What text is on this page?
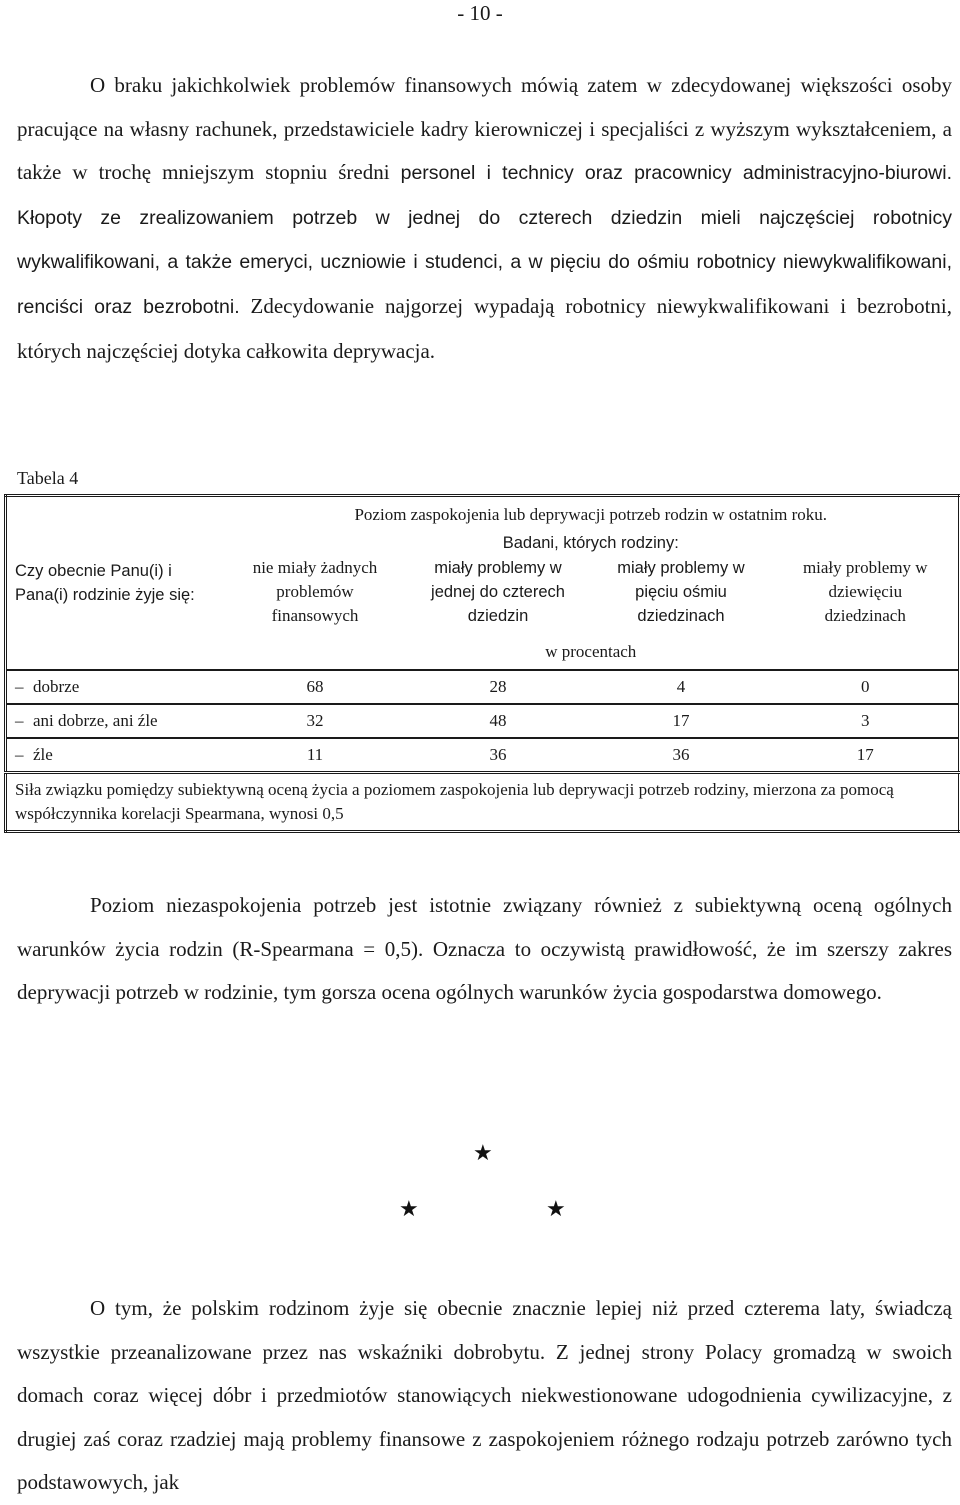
- 10 -

O braku jakichkolwiek problemów finansowych mówią zatem w zdecydowanej większości osoby pracujące na własny rachunek, przedstawiciele kadry kierowniczej i specjaliści z wyższym wykształceniem, a także w trochę mniejszym stopniu średni personel i technicy oraz pracownicy administracyjno-biurowi. Kłopoty ze zrealizowaniem potrzeb w jednej do czterech dziedzin mieli najczęściej robotnicy wykwalifikowani, a także emeryci, uczniowie i studenci, a w pięciu do ośmiu robotnicy niewykwalifikowani, renciści oraz bezrobotni. Zdecydowanie najgorzej wypadają robotnicy niewykwalifikowani i bezrobotni, których najczęściej dotyka całkowita deprywacja.

Tabela 4
Czy obecnie Panu(i) i Pana(i) rodzinie żyje się:	Poziom zaspokojenia lub deprywacji potrzeb rodzin w ostatnim roku.			
	Badani, których rodziny:			
	nie miały żadnych problemów finansowych	miały problemy w jednej do czterech dziedzin	miały problemy w pięciu ośmiu dziedzinach	miały problemy w dziewięciu dziedzinach
	w procentach			
– dobrze	68	28	4	0
– ani dobrze, ani źle	32	48	17	3
– źle	11	36	36	17
Siła związku pomiędzy subiektywną oceną życia a poziomem zaspokojenia lub deprywacji potrzeb rodziny, mierzona za pomocą współczynnika korelacji Spearmana, wynosi 0,5				

Poziom niezaspokojenia potrzeb jest istotnie związany również z subiektywną oceną ogólnych warunków życia rodzin (R-Spearmana = 0,5). Oznacza to oczywistą prawidłowość, że im szerszy zakres deprywacji potrzeb w rodzinie, tym gorsza ocena ogólnych warunków życia gospodarstwa domowego.

★
★	★

O tym, że polskim rodzinom żyje się obecnie znacznie lepiej niż przed czterema laty, świadczą wszystkie przeanalizowane przez nas wskaźniki dobrobytu. Z jednej strony Polacy gromadzą w swoich domach coraz więcej dóbr i przedmiotów stanowiących niekwestionowane udogodnienia cywilizacyjne, z drugiej zaś coraz rzadziej mają problemy finansowe z zaspokojeniem różnego rodzaju potrzeb zarówno tych podstawowych, jak
